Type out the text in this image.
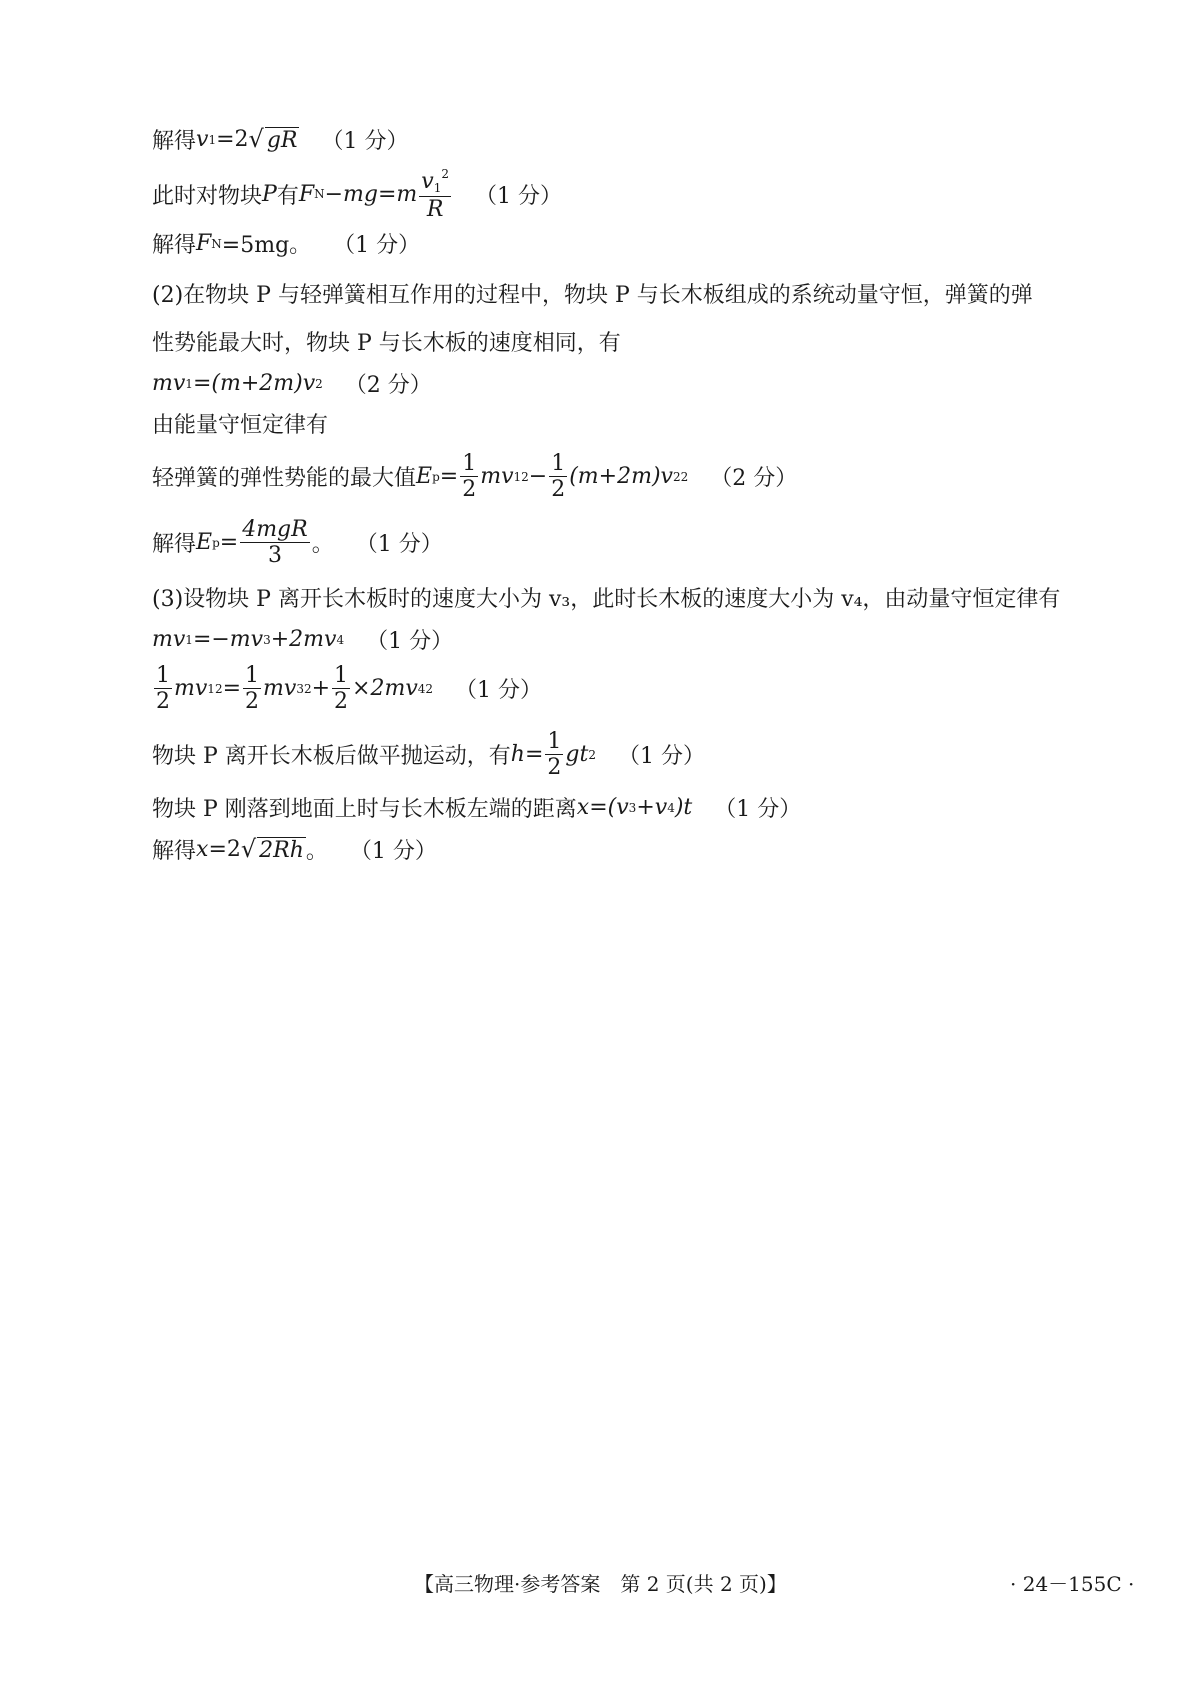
解得 v 1 =2 √ gR （1 分）
此时对物块 P 有 F $N -mg=m \frac{v_1^2}{R} (1$ 分）
解得 F N =5mg。 （1 分）
(2)在物块 P 与轻弹簧相互作用的过程中，物块 P 与长木板组成的系统动量守恒，弹簧的弹
性势能最大时，物块 P 与长木板的速度相同，有
mv 1 =(m+2m)v 2 （2 分）
由能量守恒定律有
轻弹簧的弹性势能的最大值 E $p = \frac{1}{2}$ mv 1 $2 - \frac{1}{2} (m+2m)v$ 2 2 （2 分）
解得 E $p = \frac{\text{4mgR}}{3}$ 。 （1 分）
(3)设物块 P 离开长木板时的速度大小为 v₃，此时长木板的速度大小为 v₄，由动量守恒定律有
mv 1 =−mv 3 +2mv 4 （1 分）
$\frac{1}{2}$ mv 1 $2 = \frac{1}{2}$ mv 3 $2 + \frac{1}{2} \times 2mv$ 4 2 （1 分）
物块 P 离开长木板后做平抛运动，有 $h = \frac{1}{2}$ gt 2 （1 分）
物块 P 刚落到地面上时与长木板左端的距离 x =(v 3 +v 4 )t （1 分）
解得 x =2 √ 2Rh 。 （1 分）
【高三物理·参考答案　第 2 页(共 2 页)】	· 24－155C ·
